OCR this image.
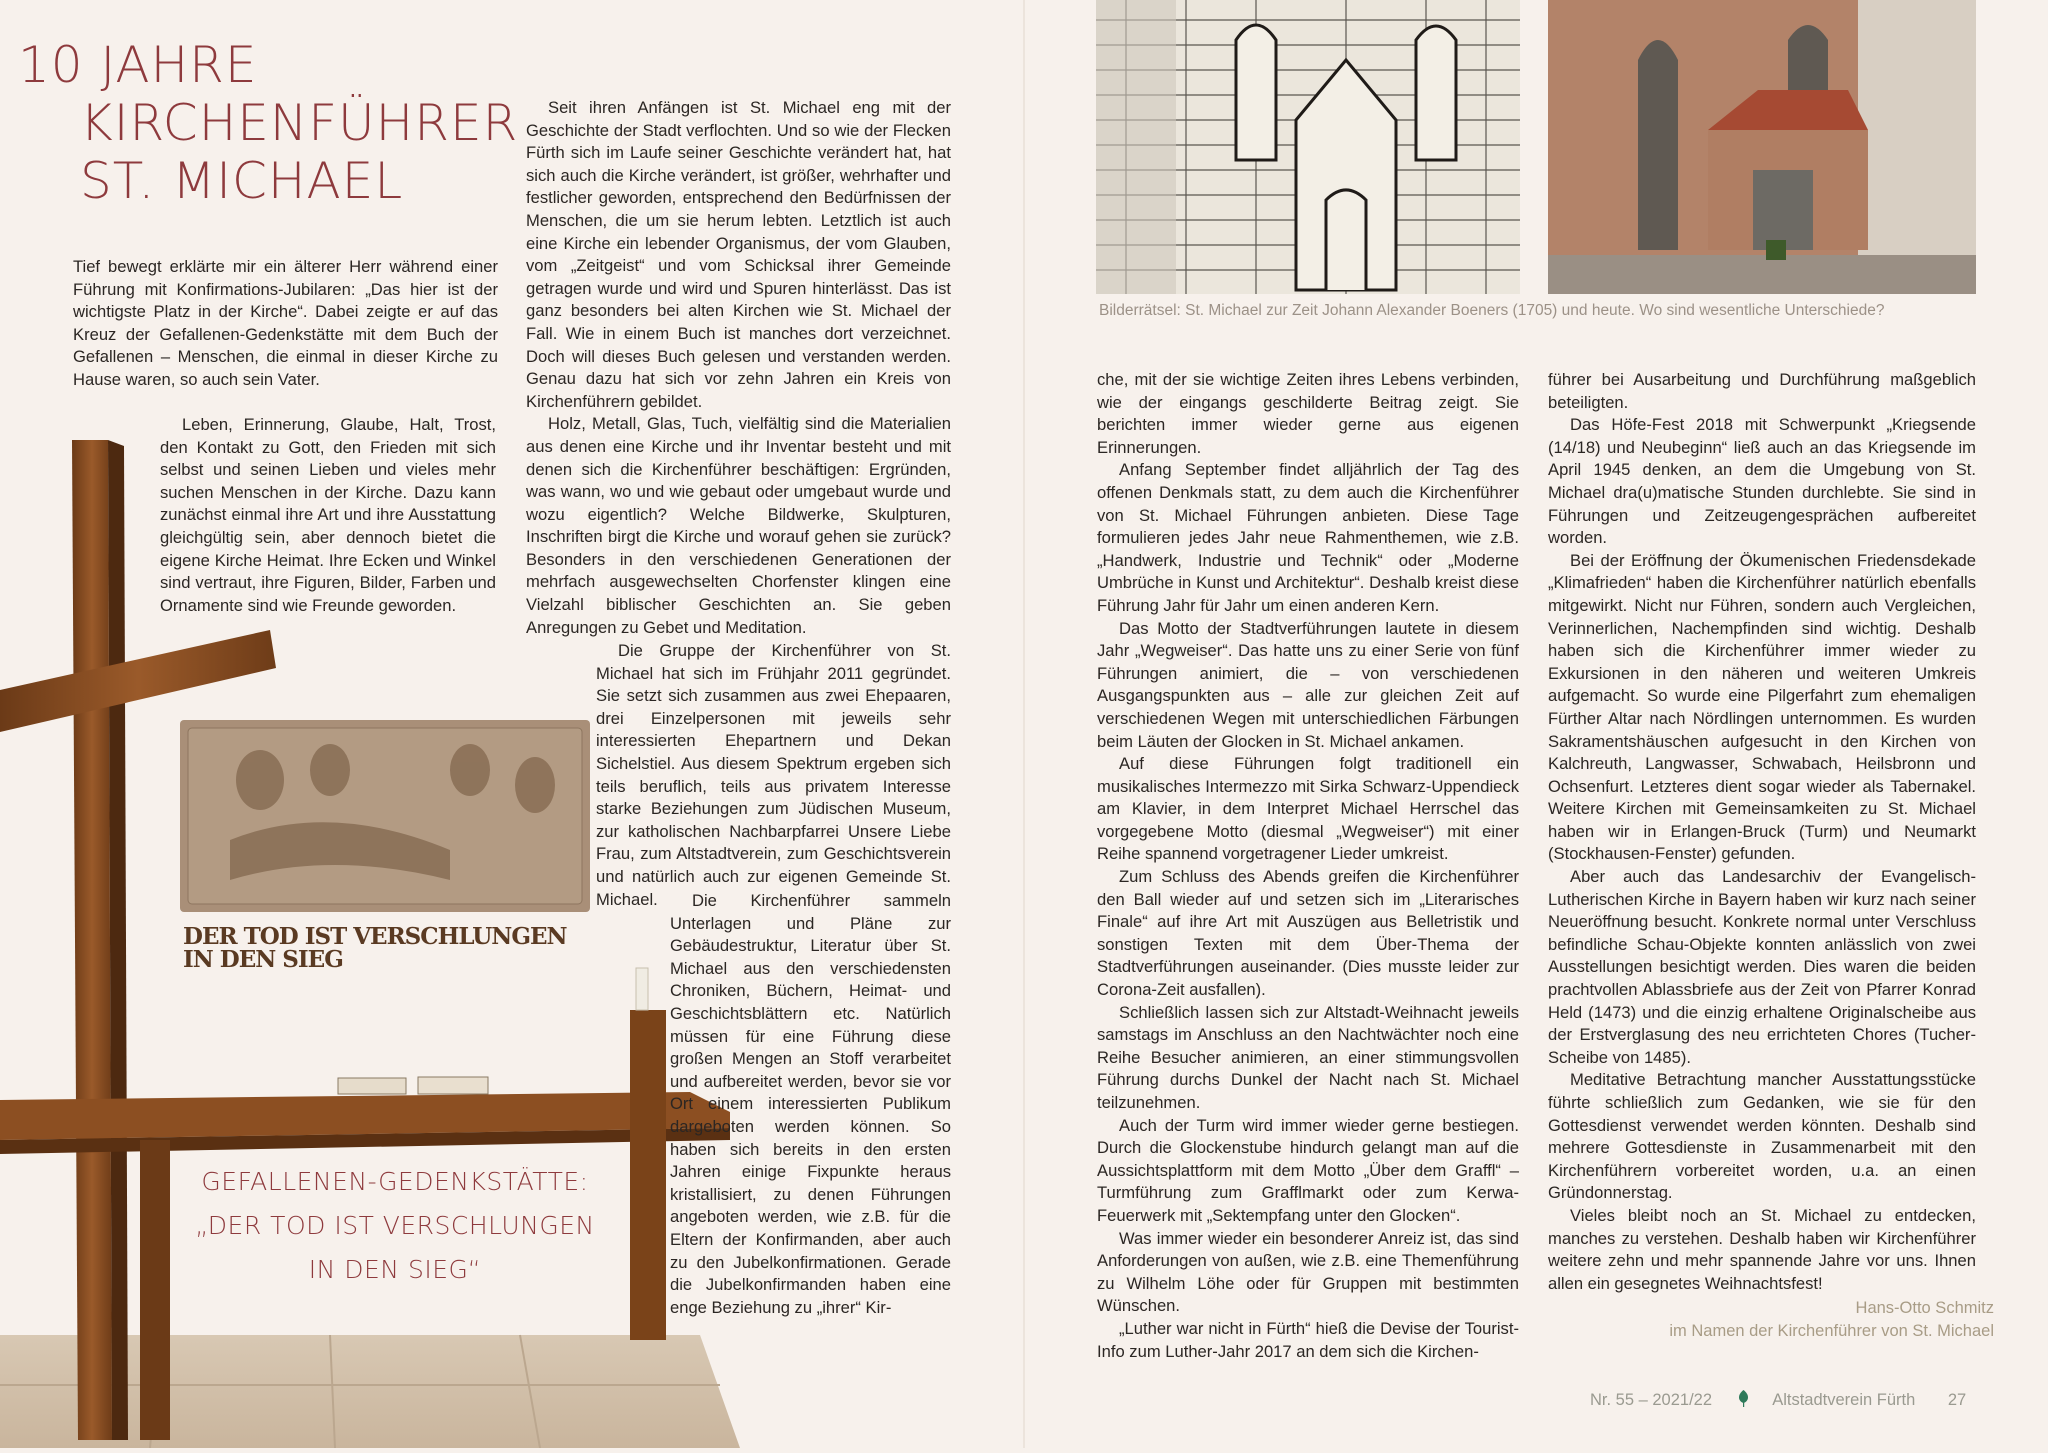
10 JAHRE
KIRCHENFÜHRER
ST. MICHAEL
DER TOD IST VERSCHLUNGEN IN DEN SIEG

Tief bewegt erklärte mir ein älterer Herr während einer Führung mit Konfirmations-Jubilaren: „Das hier ist der wichtigste Platz in der Kirche“. Dabei zeigte er auf das Kreuz der Gefallenen-Gedenkstätte mit dem Buch der Gefallenen – Menschen, die einmal in dieser Kirche zu Hause waren, so auch sein Vater.

Leben, Erinnerung, Glaube, Halt, Trost, den Kontakt zu Gott, den Frieden mit sich selbst und seinen Lieben und vieles mehr suchen Menschen in der Kirche. Dazu kann zunächst einmal ihre Art und ihre Ausstattung gleichgültig sein, aber dennoch bietet die eigene Kirche Heimat. Ihre Ecken und Winkel sind vertraut, ihre Figuren, Bilder, Farben und Ornamente sind wie Freunde geworden.

Seit ihren Anfängen ist St. Michael eng mit der Geschichte der Stadt verflochten. Und so wie der Flecken Fürth sich im Laufe seiner Geschichte verändert hat, hat sich auch die Kirche verändert, ist größer, wehrhafter und festlicher geworden, entsprechend den Bedürfnissen der Menschen, die um sie herum lebten. Letztlich ist auch eine Kirche ein lebender Organismus, der vom Glauben, vom „Zeitgeist“ und vom Schicksal ihrer Gemeinde getragen wurde und wird und Spuren hinterlässt. Das ist ganz besonders bei alten Kirchen wie St. Michael der Fall. Wie in einem Buch ist manches dort verzeichnet. Doch will dieses Buch gelesen und verstanden werden. Genau dazu hat sich vor zehn Jahren ein Kreis von Kirchenführern gebildet.

Holz, Metall, Glas, Tuch, vielfältig sind die Materialien aus denen eine Kirche und ihr Inventar besteht und mit denen sich die Kirchenführer beschäftigen: Ergründen, was wann, wo und wie gebaut oder umgebaut wurde und wozu eigentlich? Welche Bildwerke, Skulpturen, Inschriften birgt die Kirche und worauf gehen sie zurück? Besonders in den verschiedenen Generationen der mehrfach ausgewechselten Chorfenster klingen eine Vielzahl biblischer Geschichten an. Sie geben Anregungen zu Gebet und Meditation.

Die Gruppe der Kirchenführer von St. Michael hat sich im Frühjahr 2011 gegründet. Sie setzt sich zusammen aus zwei Ehepaaren, drei Einzelpersonen mit jeweils sehr interessierten Ehepartnern und Dekan Sichelstiel. Aus diesem Spektrum ergeben sich teils beruflich, teils aus privatem Interesse starke Beziehungen zum Jüdischen Museum, zur katholischen Nachbarpfarrei Unsere Liebe Frau, zum Altstadtverein, zum Geschichtsverein und natürlich auch zur eigenen Gemeinde St. Michael.	Die Kirchenführer sammeln Unterlagen und Pläne zur Gebäudestruktur, Literatur über St. Michael aus den verschiedensten Chroniken, Büchern, Heimat- und Geschichtsblättern etc. Natürlich müssen für eine Führung diese großen Mengen an Stoff verarbeitet und aufbereitet werden, bevor sie vor Ort einem interessierten Publikum dargeboten werden können. So haben sich bereits in den ersten Jahren einige Fixpunkte heraus kristallisiert, zu denen Führungen angeboten werden, wie z.B. für die Eltern der Konfirmanden, aber auch zu den Jubelkonfirmationen. Gerade die Jubelkonfirmanden haben eine enge Beziehung zu „ihrer“ Kir-

GEFALLENEN-GEDENKSTÄTTE:
„DER TOD IST VERSCHLUNGEN
IN DEN SIEG“
Bilderrätsel: St. Michael zur Zeit Johann Alexander Boeners (1705) und heute. Wo sind wesentliche Unterschiede?

che, mit der sie wichtige Zeiten ihres Lebens verbinden, wie der eingangs geschilderte Beitrag zeigt. Sie berichten immer wieder gerne aus eigenen Erinnerungen.

Anfang September findet alljährlich der Tag des offenen Denkmals statt, zu dem auch die Kirchenführer von St. Michael Führungen anbieten. Diese Tage formulieren jedes Jahr neue Rahmenthemen, wie z.B. „Handwerk, Industrie und Technik“ oder „Moderne Umbrüche in Kunst und Architektur“. Deshalb kreist diese Führung Jahr für Jahr um einen anderen Kern.

Das Motto der Stadtverführungen lautete in diesem Jahr „Wegweiser“. Das hatte uns zu einer Serie von fünf Führungen animiert, die – von verschiedenen Ausgangspunkten aus – alle zur gleichen Zeit auf verschiedenen Wegen mit unterschiedlichen Färbungen beim Läuten der Glocken in St. Michael ankamen.

Auf diese Führungen folgt traditionell ein musikalisches Intermezzo mit Sirka Schwarz-Uppendieck am Klavier, in dem Interpret Michael Herrschel das vorgegebene Motto (diesmal „Wegweiser“) mit einer Reihe spannend vorgetragener Lieder umkreist.

Zum Schluss des Abends greifen die Kirchenführer den Ball wieder auf und setzen sich im „Literarisches Finale“ auf ihre Art mit Auszügen aus Belletristik und sonstigen Texten mit dem Über-Thema der Stadtverführungen auseinander. (Dies musste leider zur Corona-Zeit ausfallen).

Schließlich lassen sich zur Altstadt-Weihnacht jeweils samstags im Anschluss an den Nachtwächter noch eine Reihe Besucher animieren, an einer stimmungsvollen Führung durchs Dunkel der Nacht nach St. Michael teilzunehmen.

Auch der Turm wird immer wieder gerne bestiegen. Durch die Glockenstube hindurch gelangt man auf die Aussichtsplattform mit dem Motto „Über dem Graffl“ – Turmführung zum Grafflmarkt oder zum Kerwa-Feuerwerk mit „Sektempfang unter den Glocken“.

Was immer wieder ein besonderer Anreiz ist, das sind Anforderungen von außen, wie z.B. eine Themenführung zu Wilhelm Löhe oder für Gruppen mit bestimmten Wünschen.

„Luther war nicht in Fürth“ hieß die Devise der Tourist-Info zum Luther-Jahr 2017 an dem sich die Kirchen-

führer bei Ausarbeitung und Durchführung maßgeblich beteiligten.

Das Höfe-Fest 2018 mit Schwerpunkt „Kriegsende (14/18) und Neubeginn“ ließ auch an das Kriegsende im April 1945 denken, an dem die Umgebung von St. Michael dra(u)matische Stunden durchlebte. Sie sind in Führungen und Zeitzeugengesprächen aufbereitet worden.

Bei der Eröffnung der Ökumenischen Friedensdekade „Klimafrieden“ haben die Kirchenführer natürlich ebenfalls mitgewirkt. Nicht nur Führen, sondern auch Vergleichen, Verinnerlichen, Nachempfinden sind wichtig. Deshalb haben sich die Kirchenführer immer wieder zu Exkursionen in den näheren und weiteren Umkreis aufgemacht. So wurde eine Pilgerfahrt zum ehemaligen Fürther Altar nach Nördlingen unternommen. Es wurden Sakramentshäuschen aufgesucht in den Kirchen von Kalchreuth, Langwasser, Schwabach, Heilsbronn und Ochsenfurt. Letzteres dient sogar wieder als Tabernakel. Weitere Kirchen mit Gemeinsamkeiten zu St. Michael haben wir in Erlangen-Bruck (Turm) und Neumarkt (Stockhausen-Fenster) gefunden.

Aber auch das Landesarchiv der Evangelisch-Lutherischen Kirche in Bayern haben wir kurz nach seiner Neueröffnung besucht. Konkrete normal unter Verschluss befindliche Schau-Objekte konnten anlässlich von zwei Ausstellungen besichtigt werden. Dies waren die beiden prachtvollen Ablassbriefe aus der Zeit von Pfarrer Konrad Held (1473) und die einzig erhaltene Originalscheibe aus der Erstverglasung des neu errichteten Chores (Tucher-Scheibe von 1485).

Meditative Betrachtung mancher Ausstattungsstücke führte schließlich zum Gedanken, wie sie für den Gottesdienst verwendet werden könnten. Deshalb sind mehrere Gottesdienste in Zusammenarbeit mit den Kirchenführern vorbereitet worden, u.a. an einen Gründonnerstag.

Vieles bleibt noch an St. Michael zu entdecken, manches zu verstehen. Deshalb haben wir Kirchenführer weitere zehn und mehr spannende Jahre vor uns. Ihnen allen ein gesegnetes Weihnachtsfest!

Hans-Otto Schmitz
im Namen der Kirchenführer von St. Michael
Nr. 55 – 2021/22	Altstadtverein Fürth 27
